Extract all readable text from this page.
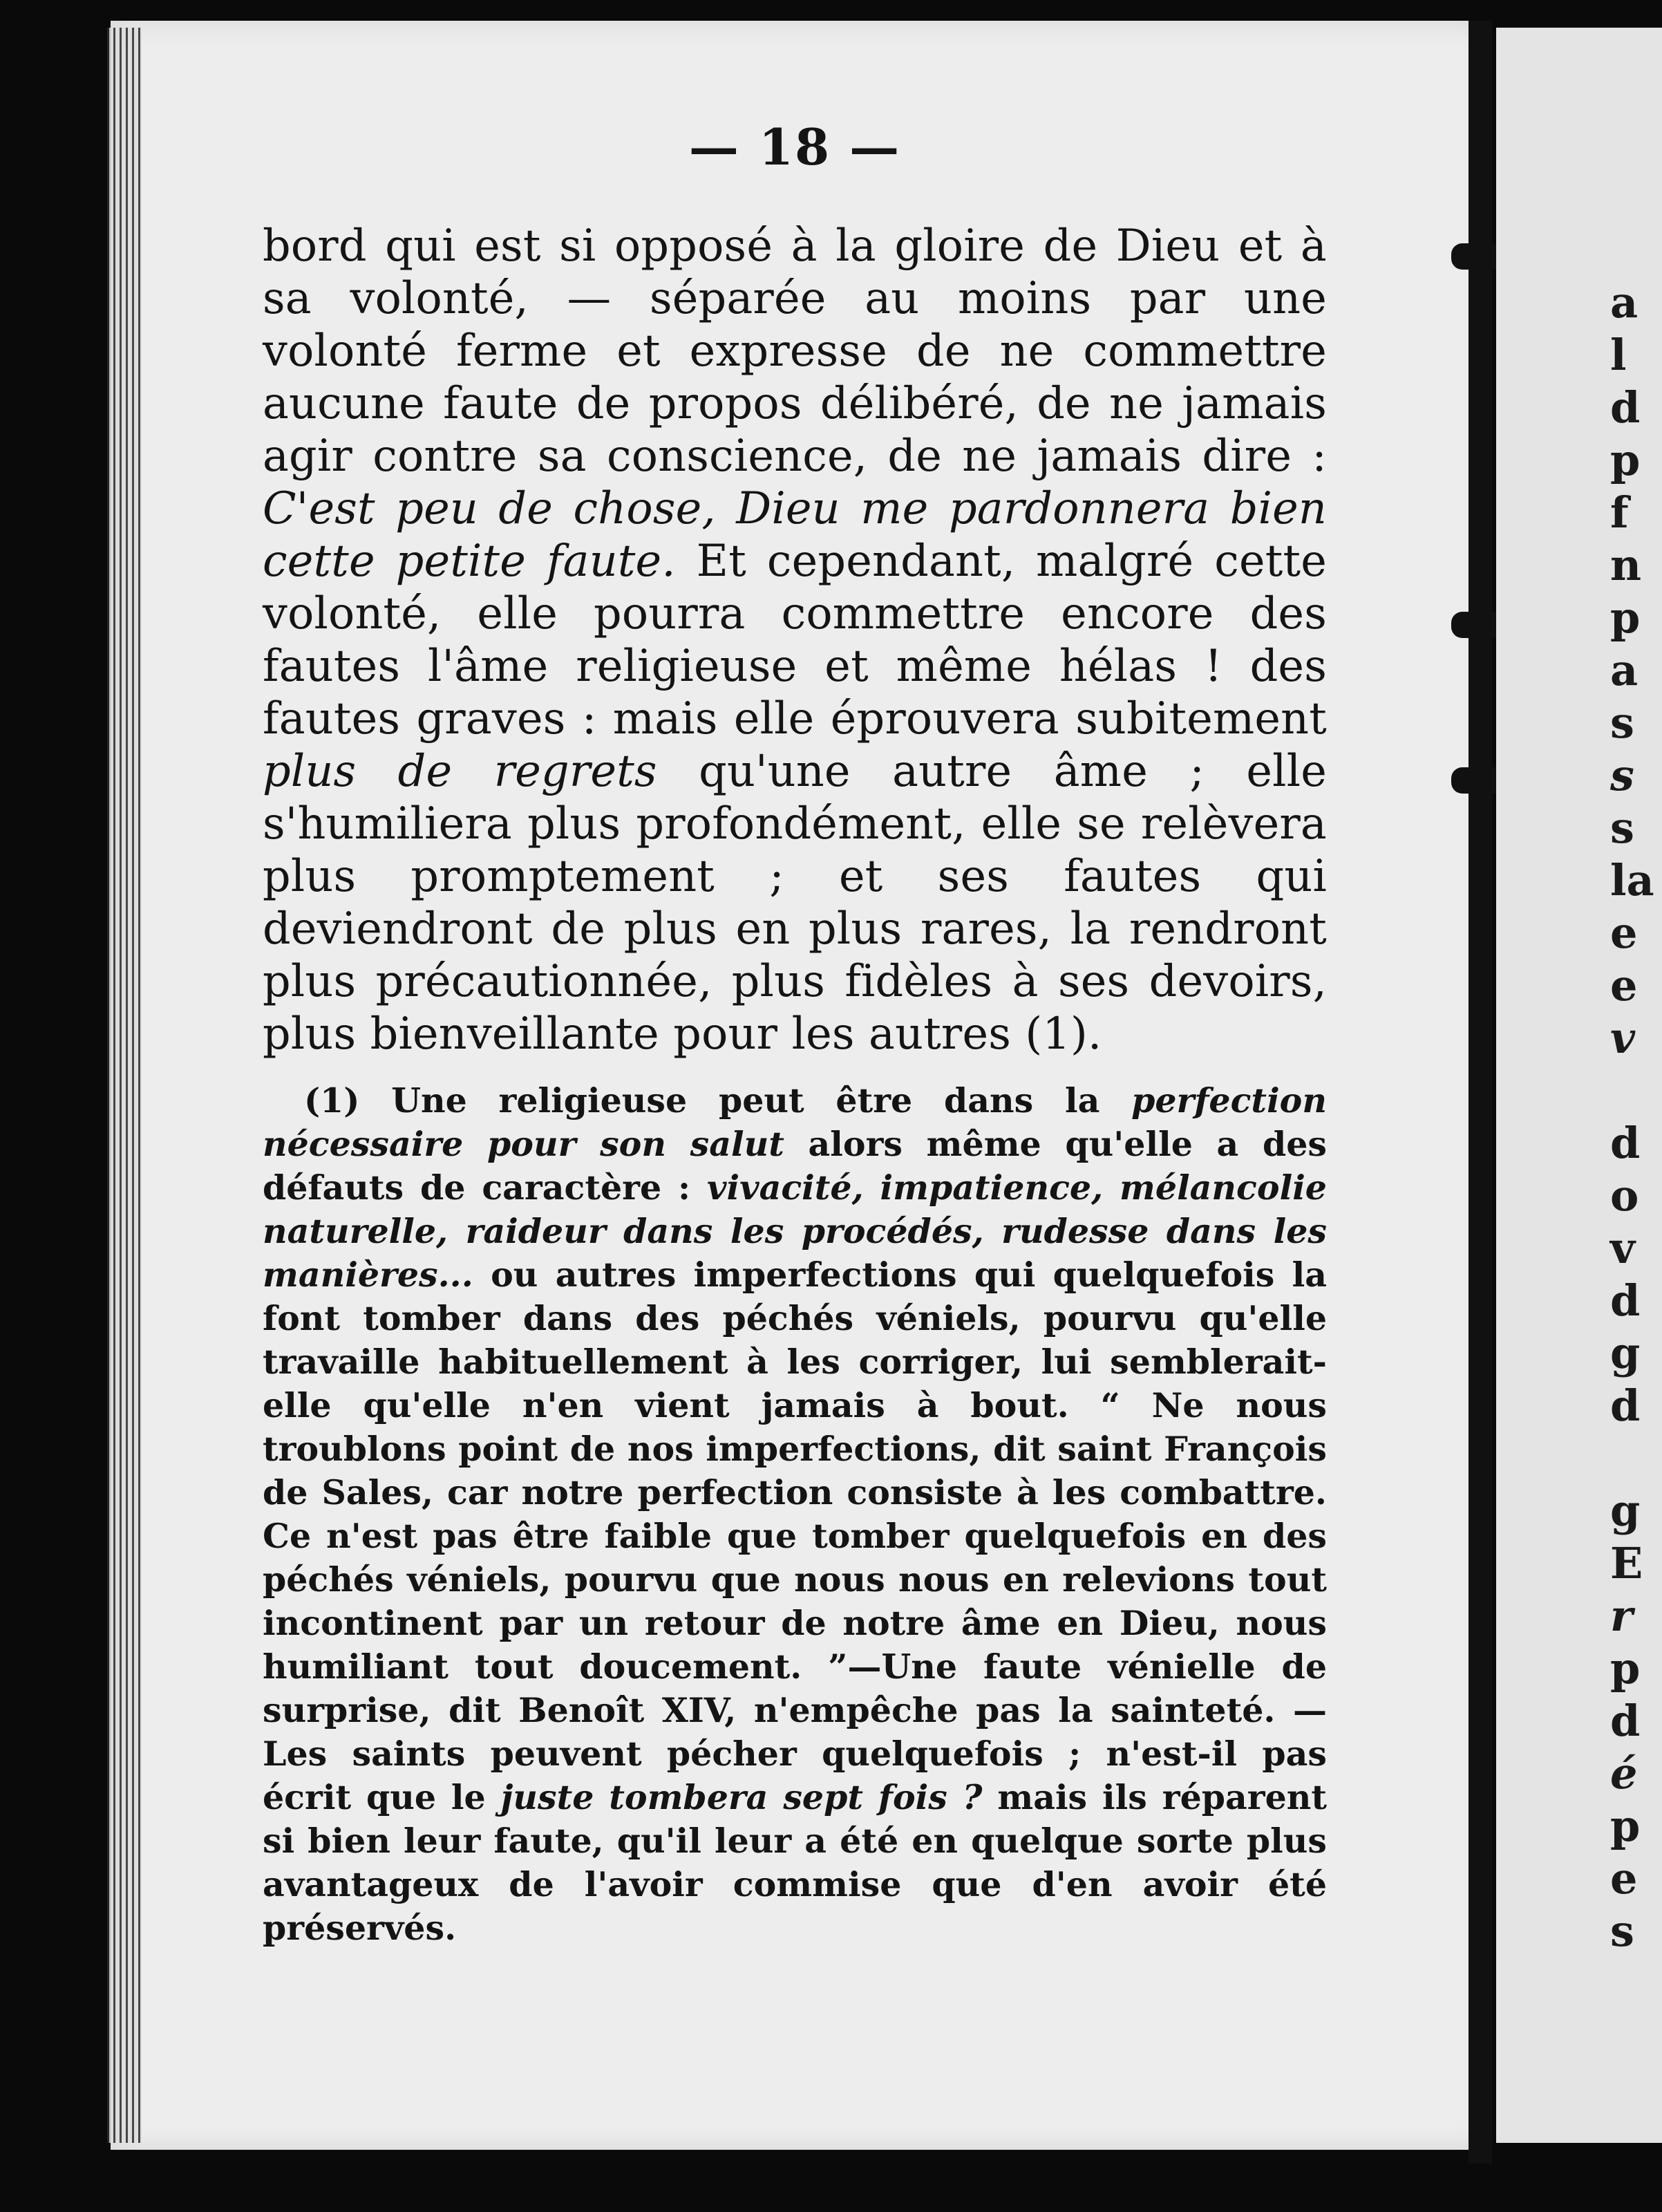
a
l
d
p
f
n
p
a
s
s
s
la
e
e
v
d
o
v
d
g
d
g
E
r
p
d
é
p
e
s
— 18 —

bord qui est si opposé à la gloire de Dieu et à sa volonté, — séparée au moins par une volonté ferme et expresse de ne commettre aucune faute de propos délibéré, de ne jamais agir contre sa conscience, de ne jamais dire : C'est peu de chose, Dieu me pardonnera bien cette petite faute. Et cependant, malgré cette volonté, elle pourra commettre encore des fautes l'âme religieuse et même hélas ! des fautes graves : mais elle éprouvera subitement plus de regrets qu'une autre âme ; elle s'humiliera plus profondément, elle se relèvera plus promptement ; et ses fautes qui deviendront de plus en plus rares, la rendront plus précautionnée, plus fidèles à ses devoirs, plus bienveillante pour les autres (1).

(1) Une religieuse peut être dans la perfection nécessaire pour son salut alors même qu'elle a des défauts de caractère : vivacité, impatience, mélancolie naturelle, raideur dans les procédés, rudesse dans les manières... ou autres imperfections qui quelquefois la font tomber dans des péchés véniels, pourvu qu'elle travaille habituellement à les corriger, lui semblerait-elle qu'elle n'en vient jamais à bout. “ Ne nous troublons point de nos imperfections, dit saint François de Sales, car notre perfection consiste à les combattre. Ce n'est pas être faible que tomber quelquefois en des péchés véniels, pourvu que nous nous en relevions tout incontinent par un retour de notre âme en Dieu, nous humiliant tout doucement. ”—Une faute vénielle de surprise, dit Benoît XIV, n'empêche pas la sainteté. — Les saints peuvent pécher quelquefois ; n'est-il pas écrit que le juste tombera sept fois ? mais ils réparent si bien leur faute, qu'il leur a été en quelque sorte plus avantageux de l'avoir commise que d'en avoir été préservés.
